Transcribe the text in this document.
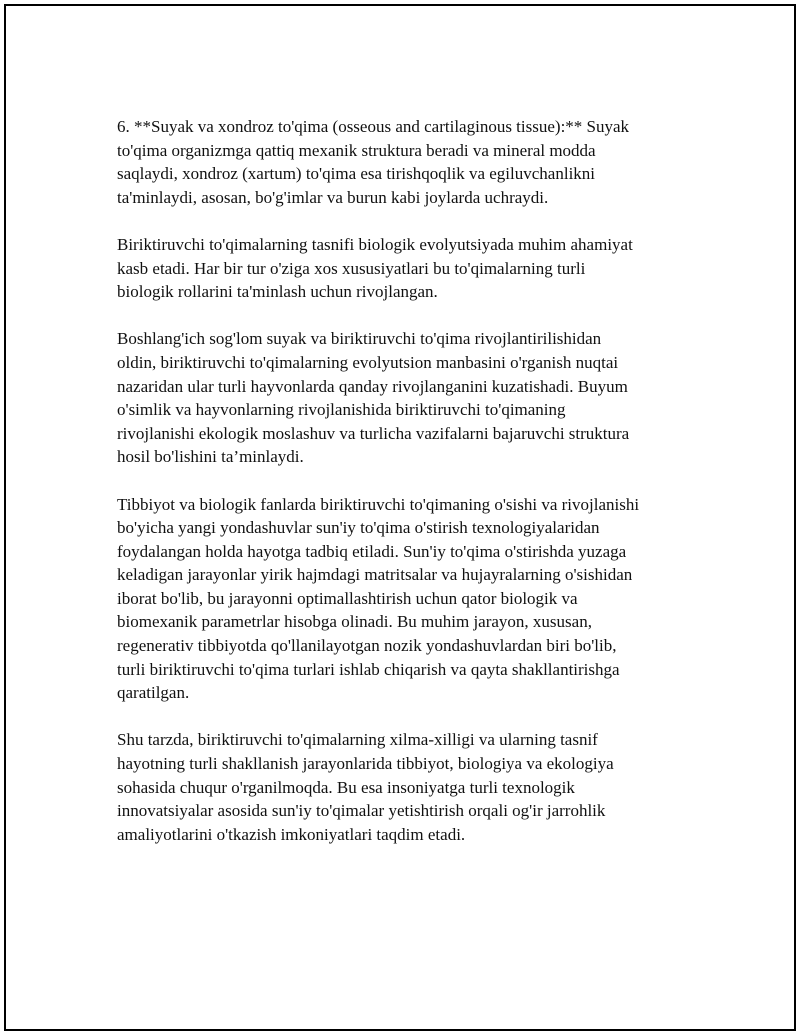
6. **Suyak va xondroz to'qima (osseous and cartilaginous tissue):** Suyak
to'qima organizmga qattiq mexanik struktura beradi va mineral modda
saqlaydi, xondroz (xartum) to'qima esa tirishqoqlik va egiluvchanlikni
ta'minlaydi, asosan, bo'g'imlar va burun kabi joylarda uchraydi.

Biriktiruvchi to'qimalarning tasnifi biologik evolyutsiyada muhim ahamiyat
kasb etadi. Har bir tur o'ziga xos xususiyatlari bu to'qimalarning turli
biologik rollarini ta'minlash uchun rivojlangan.

Boshlang'ich sog'lom suyak va biriktiruvchi to'qima rivojlantirilishidan
oldin, biriktiruvchi to'qimalarning evolyutsion manbasini o'rganish nuqtai
nazaridan ular turli hayvonlarda qanday rivojlanganini kuzatishadi. Buyum
o'simlik va hayvonlarning rivojlanishida biriktiruvchi to'qimaning
rivojlanishi ekologik moslashuv va turlicha vazifalarni bajaruvchi struktura
hosil bo'lishini ta’minlaydi.

Tibbiyot va biologik fanlarda biriktiruvchi to'qimaning o'sishi va rivojlanishi
bo'yicha yangi yondashuvlar sun'iy to'qima o'stirish texnologiyalaridan
foydalangan holda hayotga tadbiq etiladi. Sun'iy to'qima o'stirishda yuzaga
keladigan jarayonlar yirik hajmdagi matritsalar va hujayralarning o'sishidan
iborat bo'lib, bu jarayonni optimallashtirish uchun qator biologik va
biomexanik parametrlar hisobga olinadi. Bu muhim jarayon, xususan,
regenerativ tibbiyotda qo'llanilayotgan nozik yondashuvlardan biri bo'lib,
turli biriktiruvchi to'qima turlari ishlab chiqarish va qayta shakllantirishga
qaratilgan.

Shu tarzda, biriktiruvchi to'qimalarning xilma-xilligi va ularning tasnif
hayotning turli shakllanish jarayonlarida tibbiyot, biologiya va ekologiya
sohasida chuqur o'rganilmoqda. Bu esa insoniyatga turli texnologik
innovatsiyalar asosida sun'iy to'qimalar yetishtirish orqali og'ir jarrohlik
amaliyotlarini o'tkazish imkoniyatlari taqdim etadi.
